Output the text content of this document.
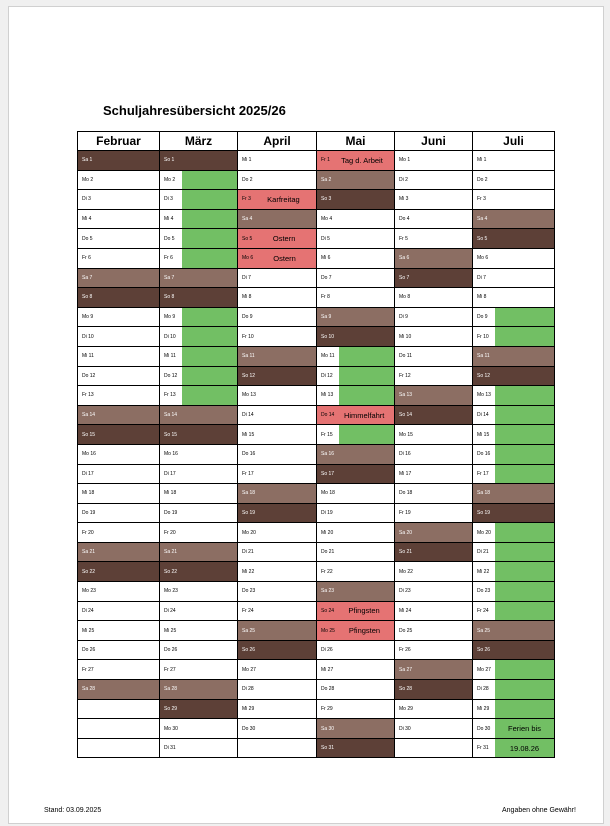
Schuljahresübersicht 2025/26
Februar	März	April	Mai	Juni	Juli

Sa 1	So 1	Mi 1	Fr 1 Tag d. Arbeit	Mo 1	Mi 1

Mo 2	Mo 2	Do 2	Sa 2	Di 2	Do 2

Di 3	Di 3	Fr 3 Karfreitag	So 3	Mi 3	Fr 3

Mi 4	Mi 4	Sa 4	Mo 4	Do 4	Sa 4

Do 5	Do 5	So 5 Ostern	Di 5	Fr 5	So 5

Fr 6	Fr 6	Mo 6 Ostern	Mi 6	Sa 6	Mo 6

Sa 7	Sa 7	Di 7	Do 7	So 7	Di 7

So 8	So 8	Mi 8	Fr 8	Mo 8	Mi 8

Mo 9	Mo 9	Do 9	Sa 9	Di 9	Do 9

Di 10	Di 10	Fr 10	So 10	Mi 10	Fr 10

Mi 11	Mi 11	Sa 11	Mo 11	Do 11	Sa 11

Do 12	Do 12	So 12	Di 12	Fr 12	So 12

Fr 13	Fr 13	Mo 13	Mi 13	Sa 13	Mo 13

Sa 14	Sa 14	Di 14	Do 14 Himmelfahrt	So 14	Di 14

So 15	So 15	Mi 15	Fr 15	Mo 15	Mi 15

Mo 16	Mo 16	Do 16	Sa 16	Di 16	Do 16

Di 17	Di 17	Fr 17	So 17	Mi 17	Fr 17

Mi 18	Mi 18	Sa 18	Mo 18	Do 18	Sa 18

Do 19	Do 19	So 19	Di 19	Fr 19	So 19

Fr 20	Fr 20	Mo 20	Mi 20	Sa 20	Mo 20

Sa 21	Sa 21	Di 21	Do 21	So 21	Di 21

So 22	So 22	Mi 22	Fr 22	Mo 22	Mi 22

Mo 23	Mo 23	Do 23	Sa 23	Di 23	Do 23

Di 24	Di 24	Fr 24	So 24 Pfingsten	Mi 24	Fr 24

Mi 25	Mi 25	Sa 25	Mo 25 Pfingsten	Do 25	Sa 25

Do 26	Do 26	So 26	Di 26	Fr 26	So 26

Fr 27	Fr 27	Mo 27	Mi 27	Sa 27	Mo 27

Sa 28	Sa 28	Di 28	Do 28	So 28	Di 28

	So 29	Mi 29	Fr 29	Mo 29	Mi 29

	Mo 30	Do 30	Sa 30	Di 30	Do 30 Ferien bis

	Di 31		So 31		Fr 31 19.08.26
Stand: 03.09.2025	Angaben ohne Gewähr!
